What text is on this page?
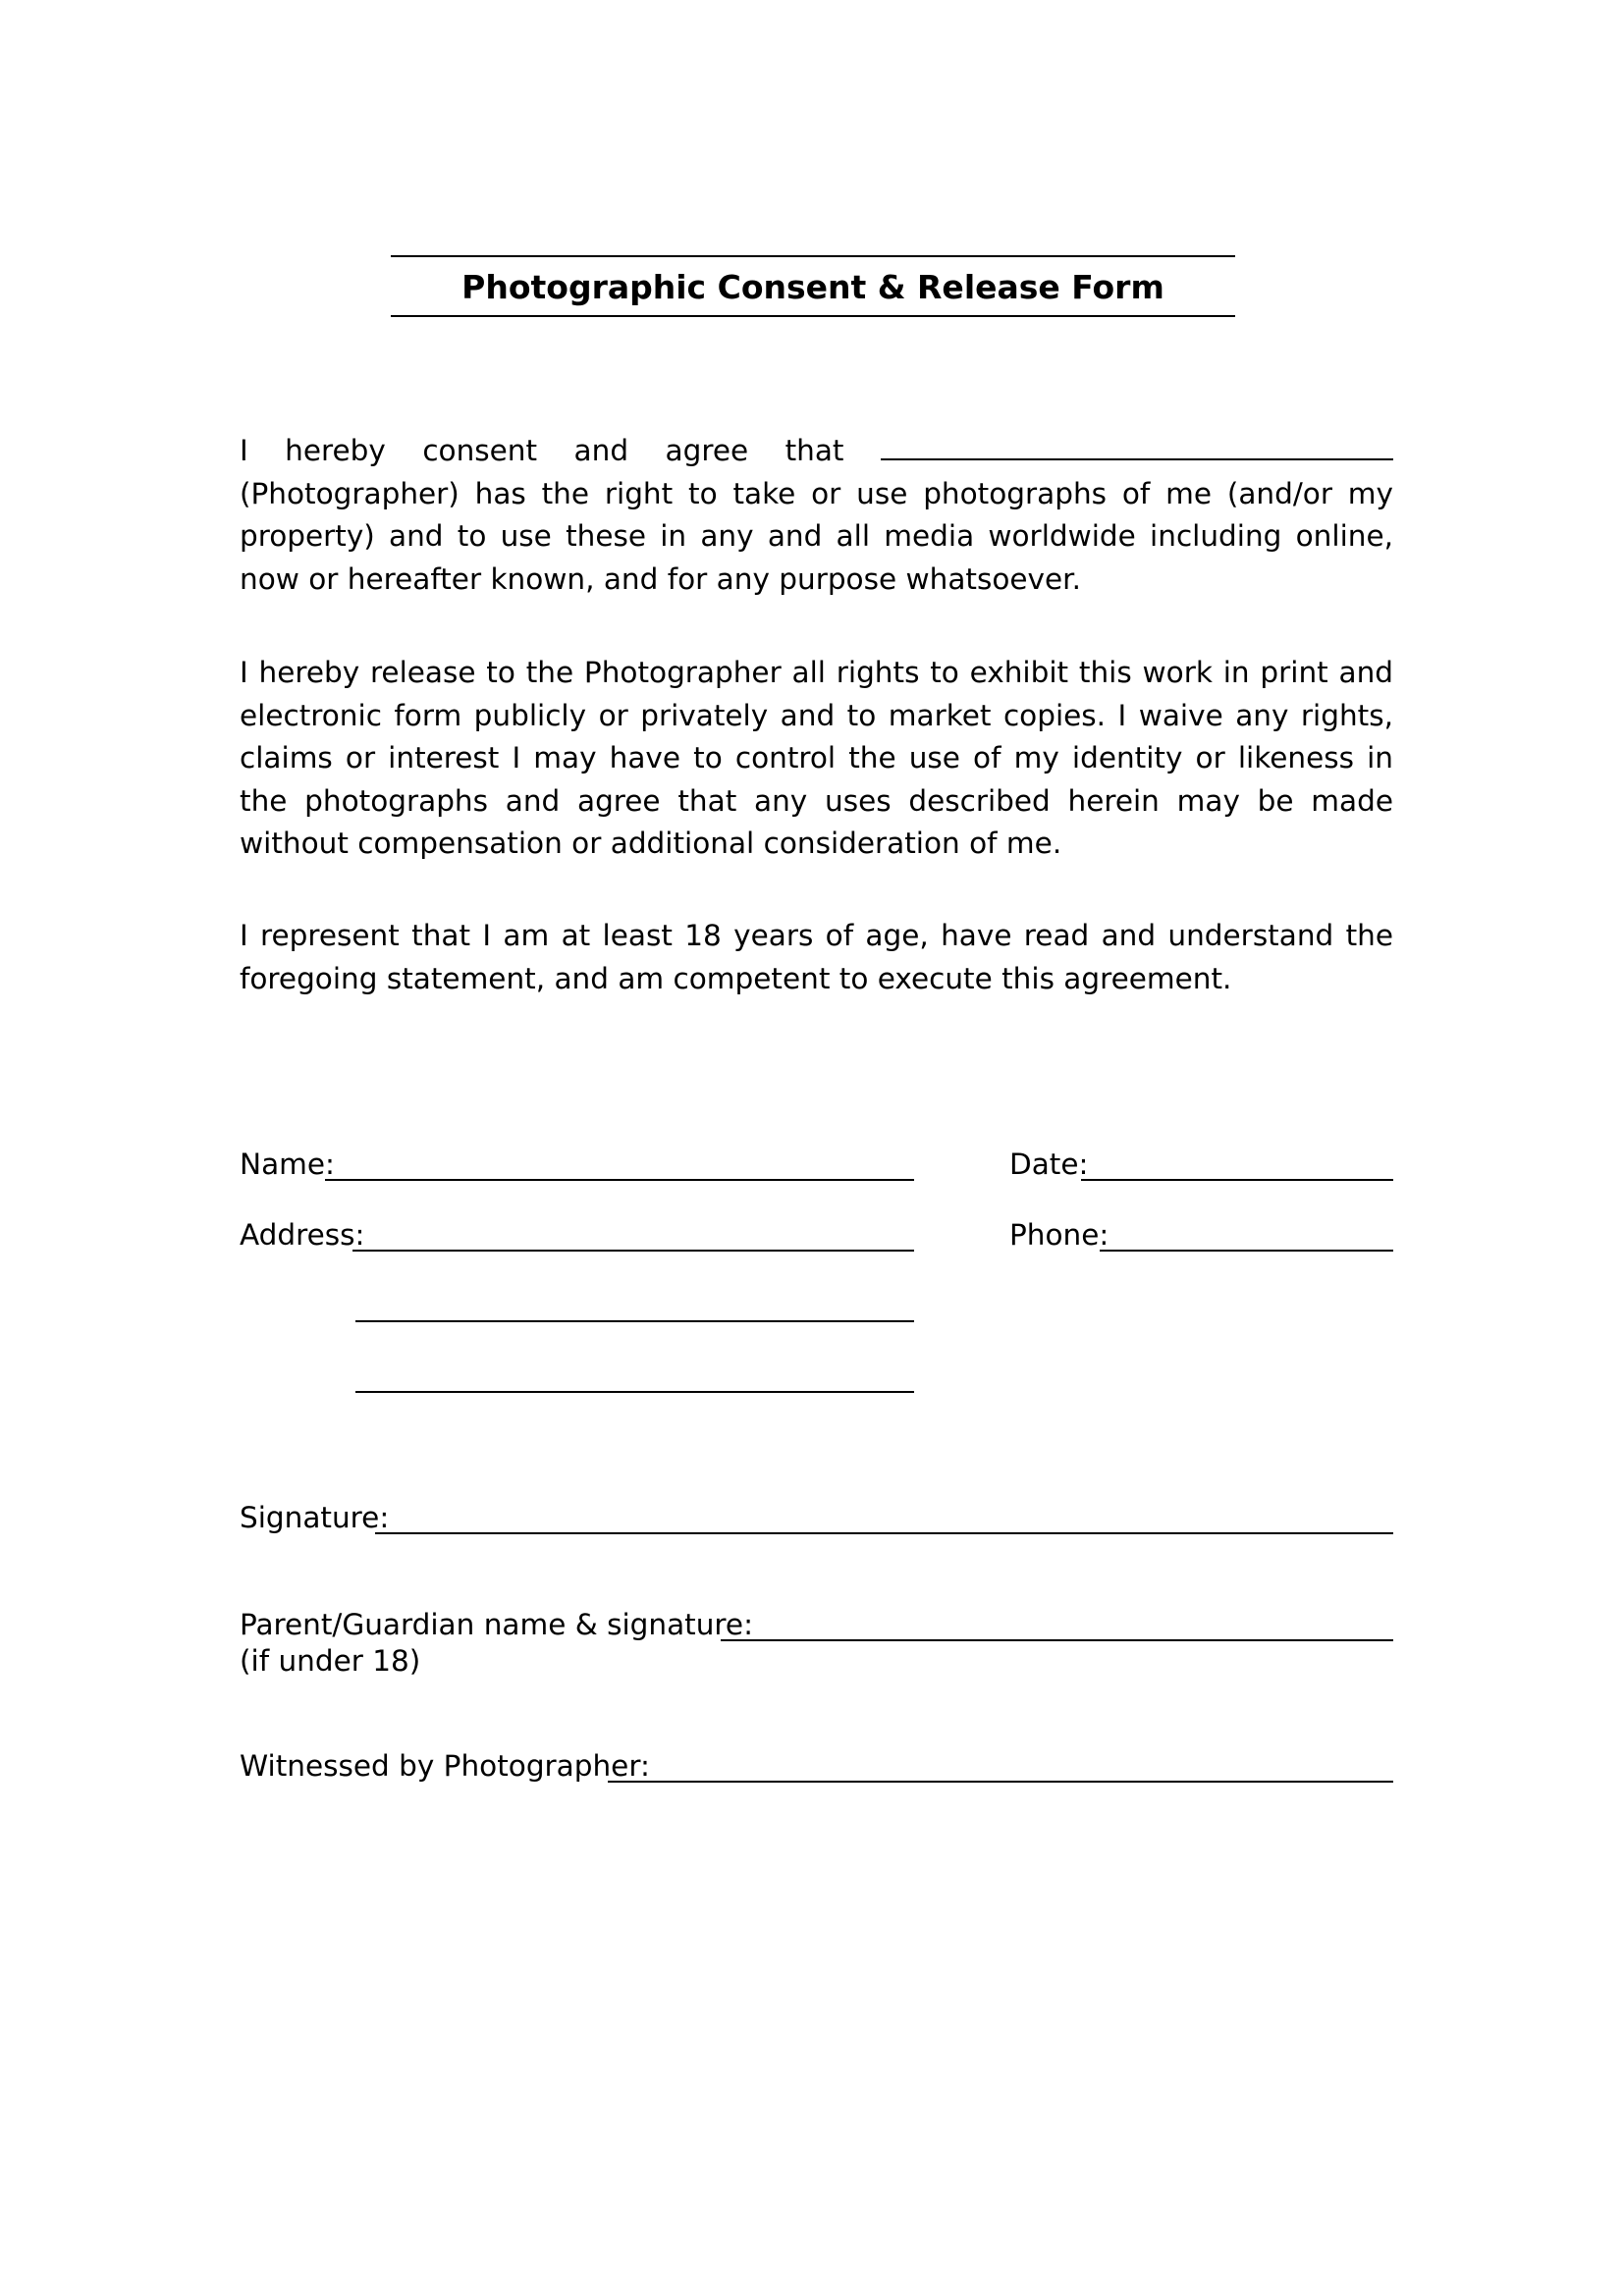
Photographic Consent & Release Form

I hereby consent and agree that  (Photographer) has the right to take or use photographs of me (and/or my property) and to use these in any and all media worldwide including online, now or hereafter known, and for any purpose whatsoever.

I hereby release to the Photographer all rights to exhibit this work in print and electronic form publicly or privately and to market copies. I waive any rights, claims or interest I may have to control the use of my identity or likeness in the photographs and agree that any uses described herein may be made without compensation or additional consideration of me.

I represent that I am at least 18 years of age, have read and understand the foregoing statement, and am competent to execute this agreement.

Name:	Date:
Address:	Phone:
Signature:
Parent/Guardian name & signature:
(if under 18)
Witnessed by Photographer:
